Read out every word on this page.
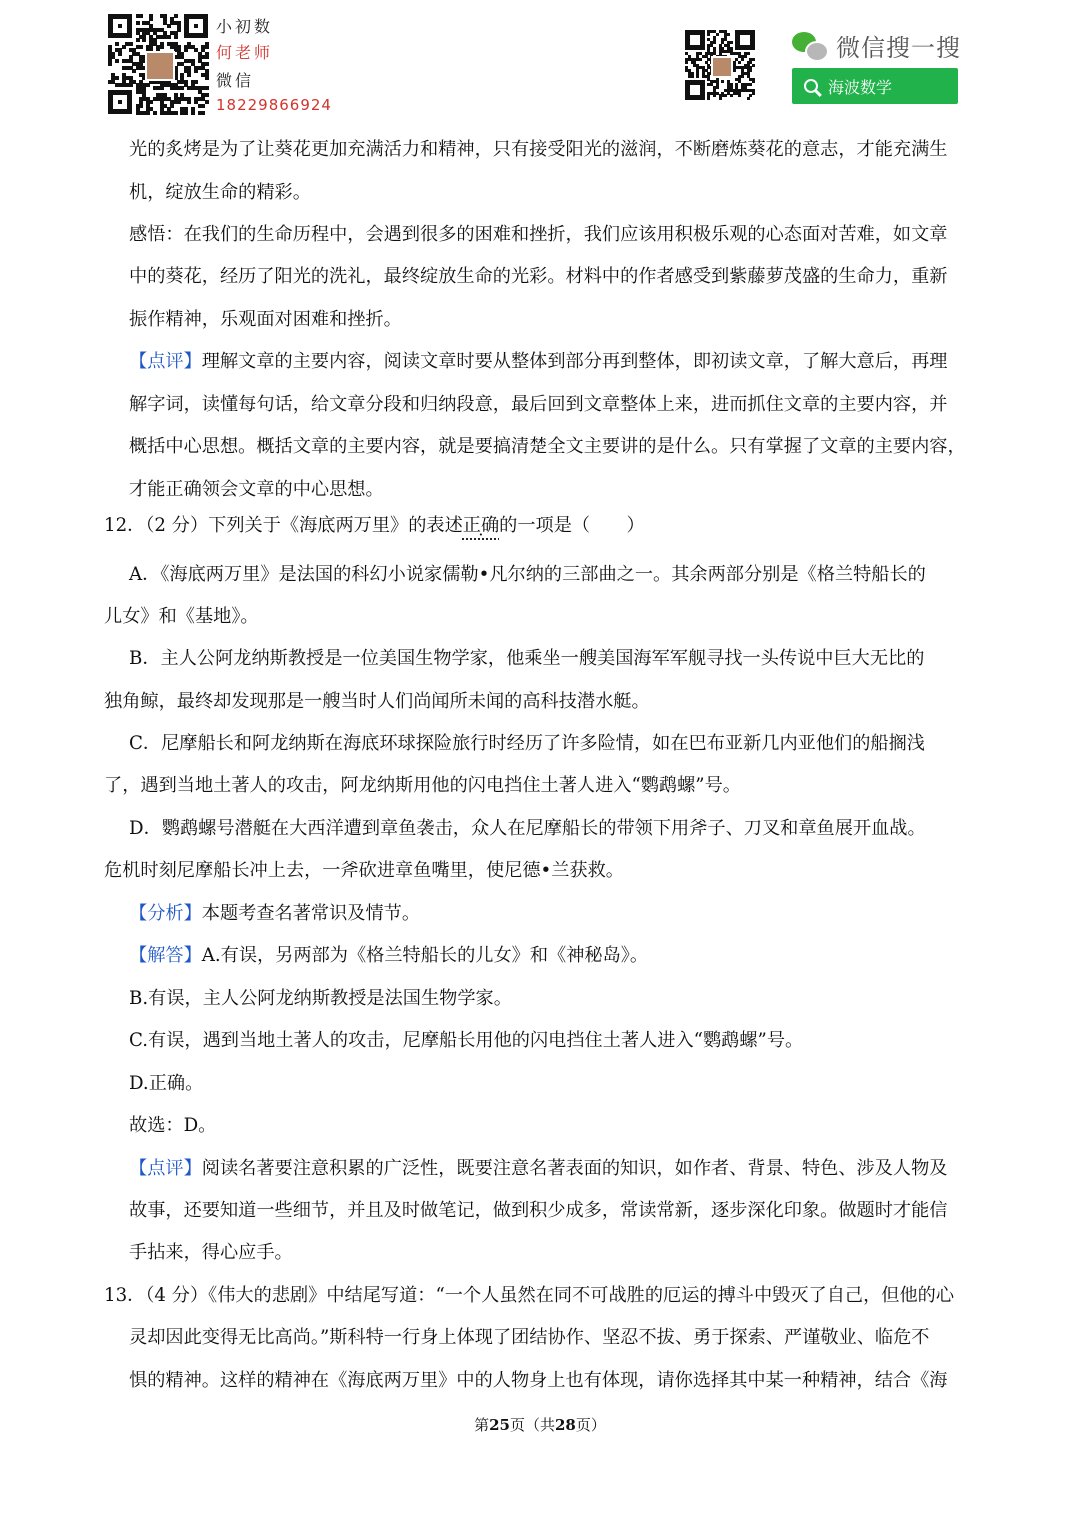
小初数
何老师
微信
18229866924
微信搜一搜
海波数学
光的炙烤是为了让葵花更加充满活力和精神，只有接受阳光的滋润，不断磨炼葵花的意志，才能充满生
机，绽放生命的精彩。
感悟：在我们的生命历程中，会遇到很多的困难和挫折，我们应该用积极乐观的心态面对苦难，如文章
中的葵花，经历了阳光的洗礼，最终绽放生命的光彩。材料中的作者感受到紫藤萝茂盛的生命力，重新
振作精神，乐观面对困难和挫折。
【点评】理解文章的主要内容，阅读文章时要从整体到部分再到整体，即初读文章，了解大意后，再理
解字词，读懂每句话，给文章分段和归纳段意，最后回到文章整体上来，进而抓住文章的主要内容，并
概括中心思想。概括文章的主要内容，就是要搞清楚全文主要讲的是什么。只有掌握了文章的主要内容，
才能正确领会文章的中心思想。
12．（2 分）下列关于《海底两万里》的表述正确的一项是（　　）
A．《海底两万里》是法国的科幻小说家儒勒•凡尔纳的三部曲之一。其余两部分别是《格兰特船长的
儿女》和《基地》。
B．主人公阿龙纳斯教授是一位美国生物学家，他乘坐一艘美国海军军舰寻找一头传说中巨大无比的
独角鲸，最终却发现那是一艘当时人们尚闻所未闻的高科技潜水艇。
C．尼摩船长和阿龙纳斯在海底环球探险旅行时经历了许多险情，如在巴布亚新几内亚他们的船搁浅
了，遇到当地土著人的攻击，阿龙纳斯用他的闪电挡住土著人进入“鹦鹉螺”号。
D．鹦鹉螺号潜艇在大西洋遭到章鱼袭击，众人在尼摩船长的带领下用斧子、刀叉和章鱼展开血战。
危机时刻尼摩船长冲上去，一斧砍进章鱼嘴里，使尼德•兰获救。
【分析】本题考查名著常识及情节。
【解答】A.有误，另两部为《格兰特船长的儿女》和《神秘岛》。
B.有误，主人公阿龙纳斯教授是法国生物学家。
C.有误，遇到当地土著人的攻击，尼摩船长用他的闪电挡住土著人进入“鹦鹉螺”号。
D.正确。
故选：D。
【点评】阅读名著要注意积累的广泛性，既要注意名著表面的知识，如作者、背景、特色、涉及人物及
故事，还要知道一些细节，并且及时做笔记，做到积少成多，常读常新，逐步深化印象。做题时才能信
手拈来，得心应手。
13．（4 分）《伟大的悲剧》中结尾写道：“一个人虽然在同不可战胜的厄运的搏斗中毁灭了自己，但他的心
灵却因此变得无比高尚。”斯科特一行身上体现了团结协作、坚忍不拔、勇于探索、严谨敬业、临危不
惧的精神。这样的精神在《海底两万里》中的人物身上也有体现，请你选择其中某一种精神，结合《海
第25页（共28页）
